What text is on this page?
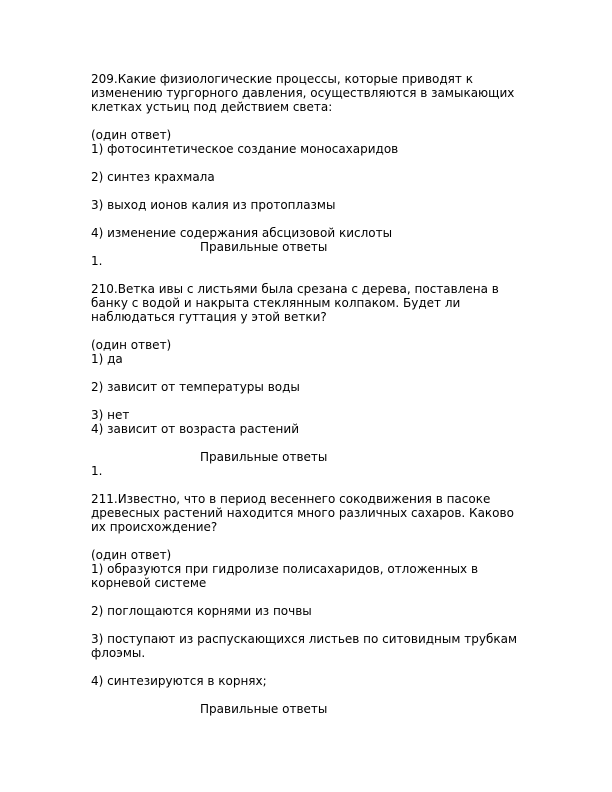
209.Какие физиологические процессы, которые приводят к
изменению тургорного давления, осуществляются в замыкающих
клетках устьиц под действием света:
(один ответ)
1) фотосинтетическое создание моносахаридов
2) синтез крахмала
3) выход ионов калия из протоплазмы
4) изменение содержания абсцизовой кислоты
Правильные ответы
1.
210.Ветка ивы с листьями была срезана с дерева, поставлена в
банку с водой и накрыта стеклянным колпаком. Будет ли
наблюдаться гуттация у этой ветки?
(один ответ)
1) да
2) зависит от температуры воды
3) нет
4) зависит от возраста растений
Правильные ответы
1.
211.Известно, что в период весеннего сокодвижения в пасоке
древесных растений находится много различных сахаров. Каково
их происхождение?
(один ответ)
1) образуются при гидролизе полисахаридов, отложенных в
корневой системе
2) поглощаются корнями из почвы
3) поступают из распускающихся листьев по ситовидным трубкам
флоэмы.
4) синтезируются в корнях;
Правильные ответы
